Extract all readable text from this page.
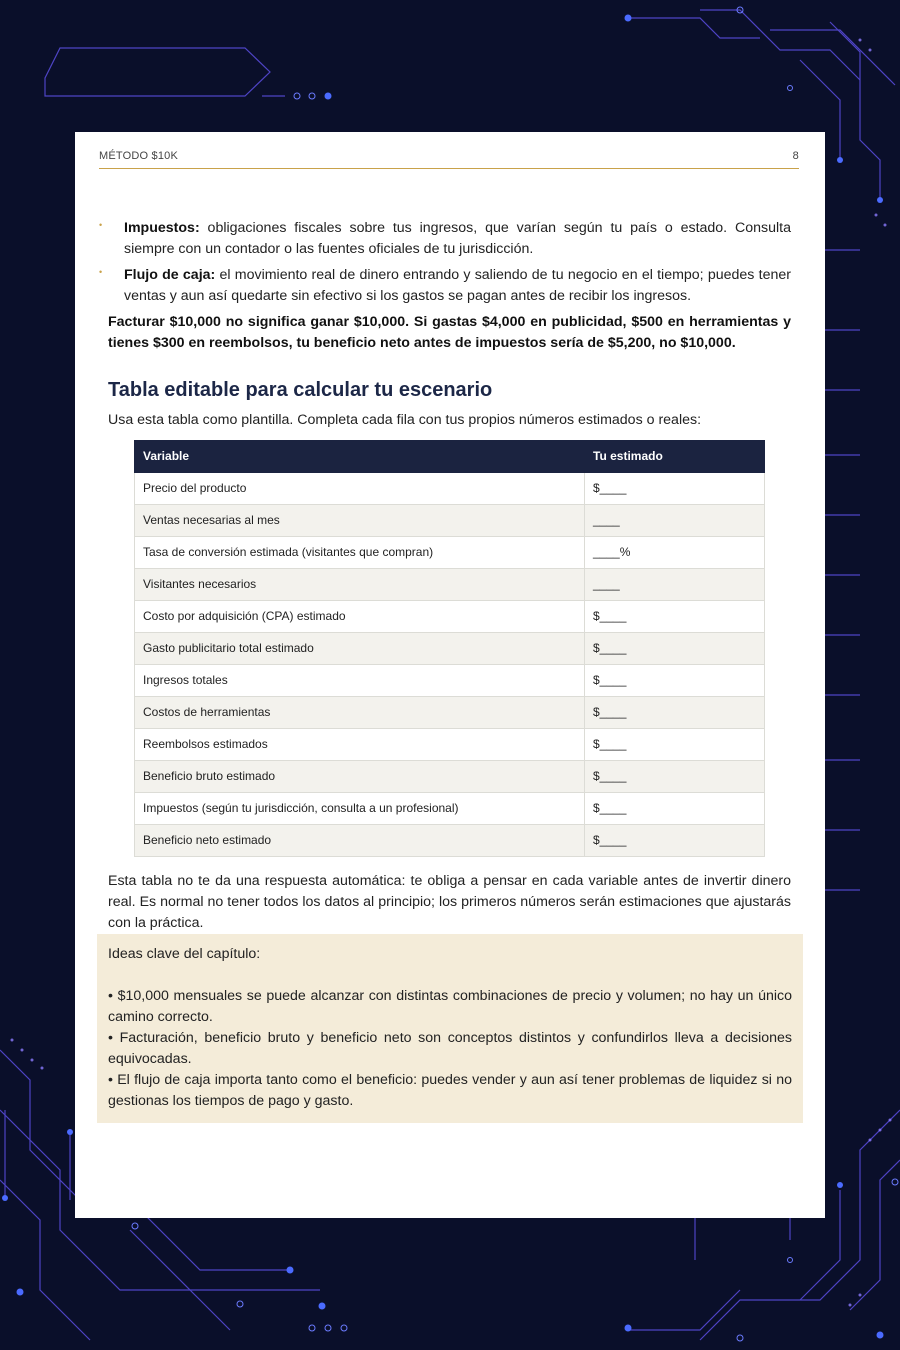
MÉTODO $10K	8
• Impuestos: obligaciones fiscales sobre tus ingresos, que varían según tu país o estado. Consulta siempre con un contador o las fuentes oficiales de tu jurisdicción.
• Flujo de caja: el movimiento real de dinero entrando y saliendo de tu negocio en el tiempo; puedes tener ventas y aun así quedarte sin efectivo si los gastos se pagan antes de recibir los ingresos.

Facturar $10,000 no significa ganar $10,000. Si gastas $4,000 en publicidad, $500 en herramientas y tienes $300 en reembolsos, tu beneficio neto antes de impuestos sería de $5,200, no $10,000.

Tabla editable para calcular tu escenario

Usa esta tabla como plantilla. Completa cada fila con tus propios números estimados o reales:

Variable	Tu estimado
Precio del producto	$____
Ventas necesarias al mes	____
Tasa de conversión estimada (visitantes que compran)	____%
Visitantes necesarios	____
Costo por adquisición (CPA) estimado	$____
Gasto publicitario total estimado	$____
Ingresos totales	$____
Costos de herramientas	$____
Reembolsos estimados	$____
Beneficio bruto estimado	$____
Impuestos (según tu jurisdicción, consulta a un profesional)	$____
Beneficio neto estimado	$____

Esta tabla no te da una respuesta automática: te obliga a pensar en cada variable antes de invertir dinero real. Es normal no tener todos los datos al principio; los primeros números serán estimaciones que ajustarás con la práctica.

Ideas clave del capítulo:
• $10,000 mensuales se puede alcanzar con distintas combinaciones de precio y volumen; no hay un único camino correcto.
• Facturación, beneficio bruto y beneficio neto son conceptos distintos y confundirlos lleva a decisiones equivocadas.
• El flujo de caja importa tanto como el beneficio: puedes vender y aun así tener problemas de liquidez si no gestionas los tiempos de pago y gasto.
